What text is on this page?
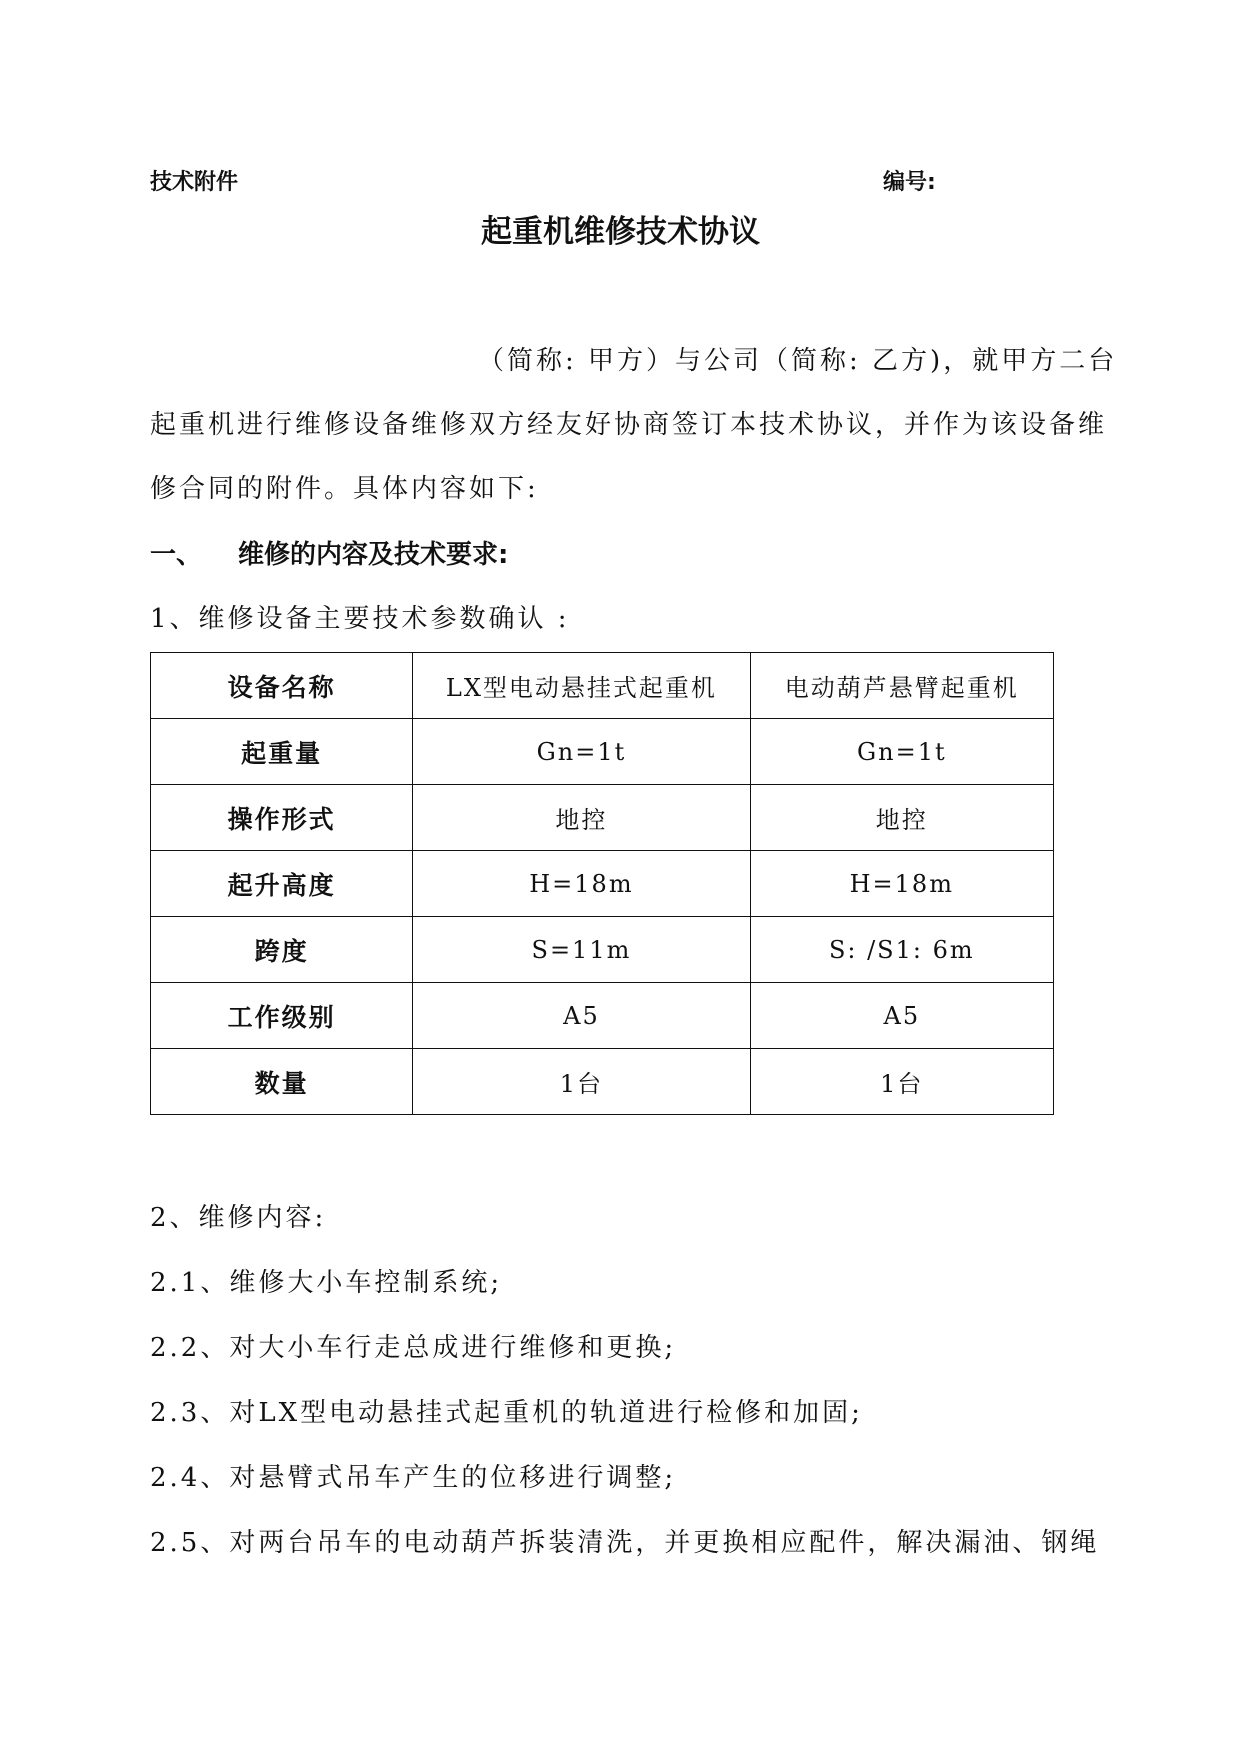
技术附件	编号:
起重机维修技术协议
（简称: 甲方）与公司（简称: 乙方)，就甲方二台
起重机进行维修设备维修双方经友好协商签订本技术协议，并作为该设备维
修合同的附件。具体内容如下:
一、 维修的内容及技术要求:
1、维修设备主要技术参数确认 :
设备名称	LX型电动悬挂式起重机	电动葫芦悬臂起重机
起重量	Gn=1t	Gn=1t
操作形式	地控	地控
起升高度	H=18m	H=18m
跨度	S=11m	S: /S1: 6m
工作级别	A5	A5
数量	1台	1台
2、维修内容:
2.1、维修大小车控制系统;
2.2、对大小车行走总成进行维修和更换;
2.3、对LX型电动悬挂式起重机的轨道进行检修和加固;
2.4、对悬臂式吊车产生的位移进行调整;
2.5、对两台吊车的电动葫芦拆装清洗，并更换相应配件，解决漏油、钢绳
